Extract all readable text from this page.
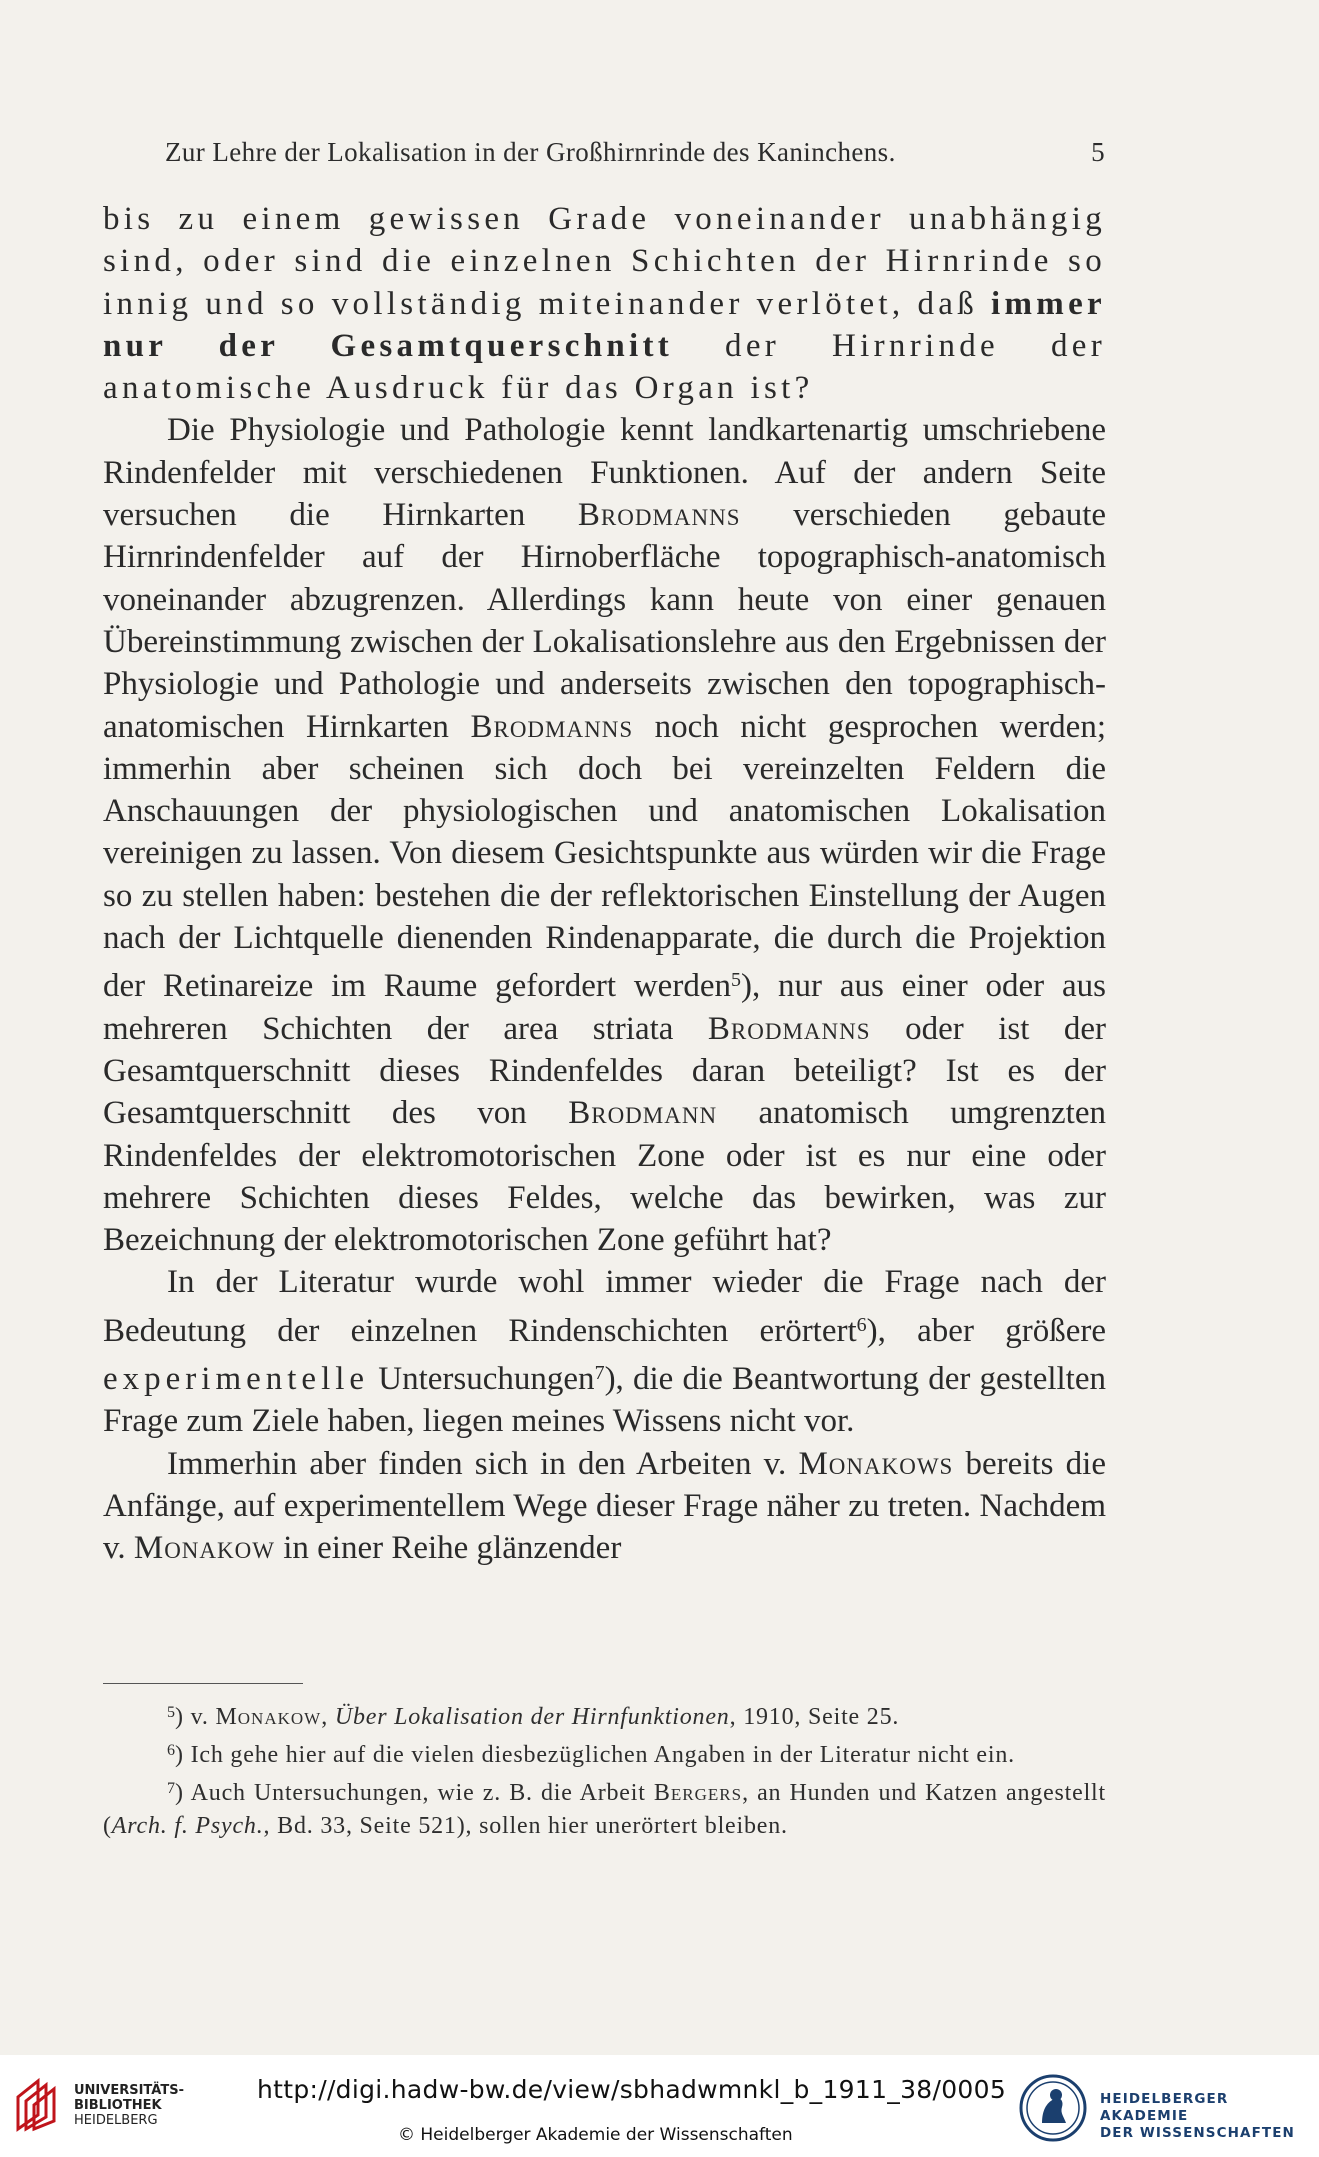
Zur Lehre der Lokalisation in der Großhirnrinde des Kaninchens.	5

bis zu einem gewissen Grade voneinander unabhängig sind, oder sind die einzelnen Schichten der Hirnrinde so innig und so vollständig miteinander verlötet, daß immer nur der Gesamtquerschnitt der Hirnrinde der anatomische Ausdruck für das Organ ist?

Die Physiologie und Pathologie kennt landkartenartig umschriebene Rindenfelder mit verschiedenen Funktionen. Auf der andern Seite versuchen die Hirnkarten Brodmanns verschieden gebaute Hirnrindenfelder auf der Hirnoberfläche topographisch-anatomisch voneinander abzugrenzen. Allerdings kann heute von einer genauen Übereinstimmung zwischen der Lokalisationslehre aus den Ergebnissen der Physiologie und Pathologie und anderseits zwischen den topographisch-anatomischen Hirnkarten Brodmanns noch nicht gesprochen werden; immerhin aber scheinen sich doch bei vereinzelten Feldern die Anschauungen der physiologischen und anatomischen Lokalisation vereinigen zu lassen. Von diesem Gesichtspunkte aus würden wir die Frage so zu stellen haben: bestehen die der reflektorischen Einstellung der Augen nach der Lichtquelle dienenden Rindenapparate, die durch die Projektion der Retinareize im Raume gefordert werden$^5$), nur aus einer oder aus mehreren Schichten der area striata Brodmanns oder ist der Gesamtquerschnitt dieses Rindenfeldes daran beteiligt? Ist es der Gesamtquerschnitt des von Brodmann anatomisch umgrenzten Rindenfeldes der elektromotorischen Zone oder ist es nur eine oder mehrere Schichten dieses Feldes, welche das bewirken, was zur Bezeichnung der elektromotorischen Zone geführt hat?

In der Literatur wurde wohl immer wieder die Frage nach der Bedeutung der einzelnen Rindenschichten erörtert$^6$), aber größere experimentelle Untersuchungen$^7$), die die Beantwortung der gestellten Frage zum Ziele haben, liegen meines Wissens nicht vor.

Immerhin aber finden sich in den Arbeiten v. Monakows bereits die Anfänge, auf experimentellem Wege dieser Frage näher zu treten. Nachdem v. Monakow in einer Reihe glänzender

$^5$) v. Monakow, Über Lokalisation der Hirnfunktionen, 1910, Seite 25.

$^6$) Ich gehe hier auf die vielen diesbezüglichen Angaben in der Literatur nicht ein.

$^7$) Auch Untersuchungen, wie z. B. die Arbeit Bergers, an Hunden und Katzen angestellt (Arch. f. Psych., Bd. 33, Seite 521), sollen hier unerörtert bleiben.

UNIVERSITÄTS-
BIBLIOTHEK
HEIDELBERG
http://digi.hadw-bw.de/view/sbhadwmnkl_b_1911_38/0005
© Heidelberger Akademie der Wissenschaften
HEIDELBERGER AKADEMIE
DER WISSENSCHAFTEN
